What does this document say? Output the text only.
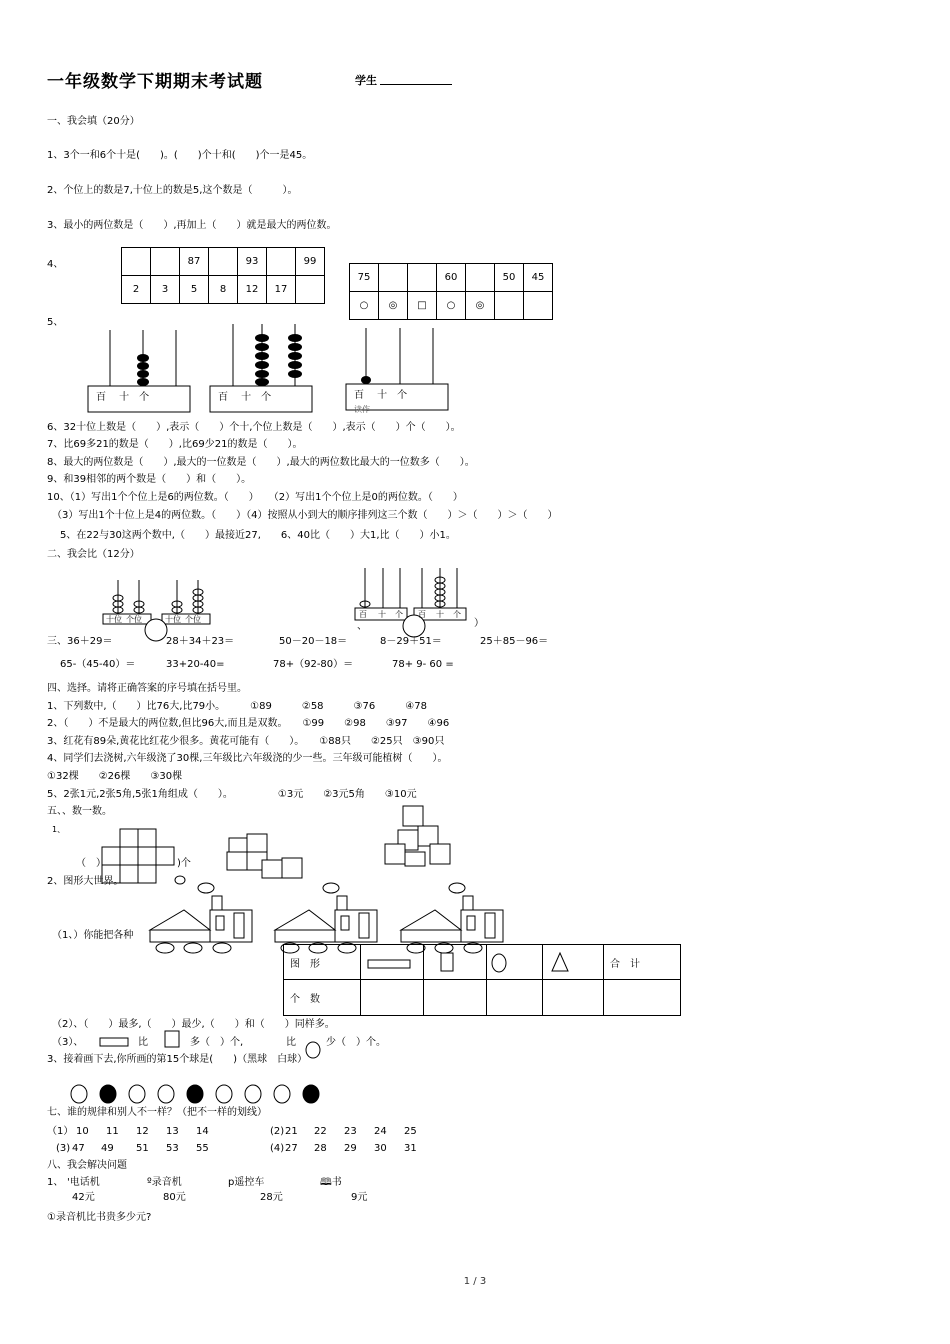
一年级数学下期期末考试题	学生
一、我会填（20分）
1、3个一和6个十是(　　)。(　　)个十和(　　)个一是45。
2、个位上的数是7,十位上的数是5,这个数是（　　　）。
3、最小的两位数是（　　）,再加上（　　）就是最大的两位数。
4、
			87		93		99
2	3	5	8	12	17	
75			60		50	45
○	◎	□	○	◎		
5、
百　 十　个	百　 十　个	百　 十　个
读作
6、32十位上数是（　　）,表示（　　）个十,个位上数是（　　）,表示（　　）个（　　）。
7、比69多21的数是（　　）,比69少21的数是（　　）。
8、最大的两位数是（　　）,最大的一位数是（　　）,最大的两位数比最大的一位数多（　　）。
9、和39相邻的两个数是（　　）和（　　）。
10、（1）写出1个个位上是6的两位数。（　　）　　（2）写出1个个位上是0的两位数。（　　）
（3）写出1个十位上是4的两位数。（　　）（4）按照从小到大的顺序排列这三个数（　　）＞（　　）＞（　　）
5、在22与30这两个数中,（　　）最接近27,　　6、40比（　　）大1,比（　　）小1。
二、我会比（12分）
十位 个位	十位 个位
百 十 个 百 十 个
、	）
三、36＋29＝	28＋34＋23＝	50－20－18＝	8－29＋51＝	25＋85－96＝
65-（45-40）＝	33+20-40=	78+（92-80）＝	78+ 9- 60 =
四、选择。请将正确答案的序号填在括号里。
1、下列数中,（　　）比76大,比79小。　　　①89　　　②58　　　③76　　　④78
2、（　　）不是最大的两位数,但比96大,而且是双数。　　①99　　②98　　③97　　④96
3、红花有89朵,黄花比红花少很多。黄花可能有（　　）。　　①88只　　②25只　③90只
4、同学们去浇树,六年级浇了30棵,三年级比六年级浇的少一些。三年级可能植树（　　）。
①32棵　　②26棵　　③30棵
5、2张1元,2张5角,5张1角组成（　　）。　　　　　①3元　　②3元5角　　③10元
五、、数一数。
1、
（　）	)个
2、图形大世界。
（1、）你能把各种
图　形					合　计
个　数					
（2）、（　　）最多,（　　）最少,（　　）和（　　）同样多。
（3）、	比	多（　）个,	比	少（　）个。
3、接着画下去,你所画的第15个球是(　　)（黑球　白球）
七、谁的规律和别人不一样？（把不一样的划线）
（1） 10 11 12 13 14	(2) 21 22 23 24 25
(3) 47 49 51 53 55	(4) 27 28 29 30 31
八、我会解决问题
1、 '电话机	º录音机	p遥控车	🕮书
42元	80元	28元	9元
①录音机比书贵多少元?
1 / 3
